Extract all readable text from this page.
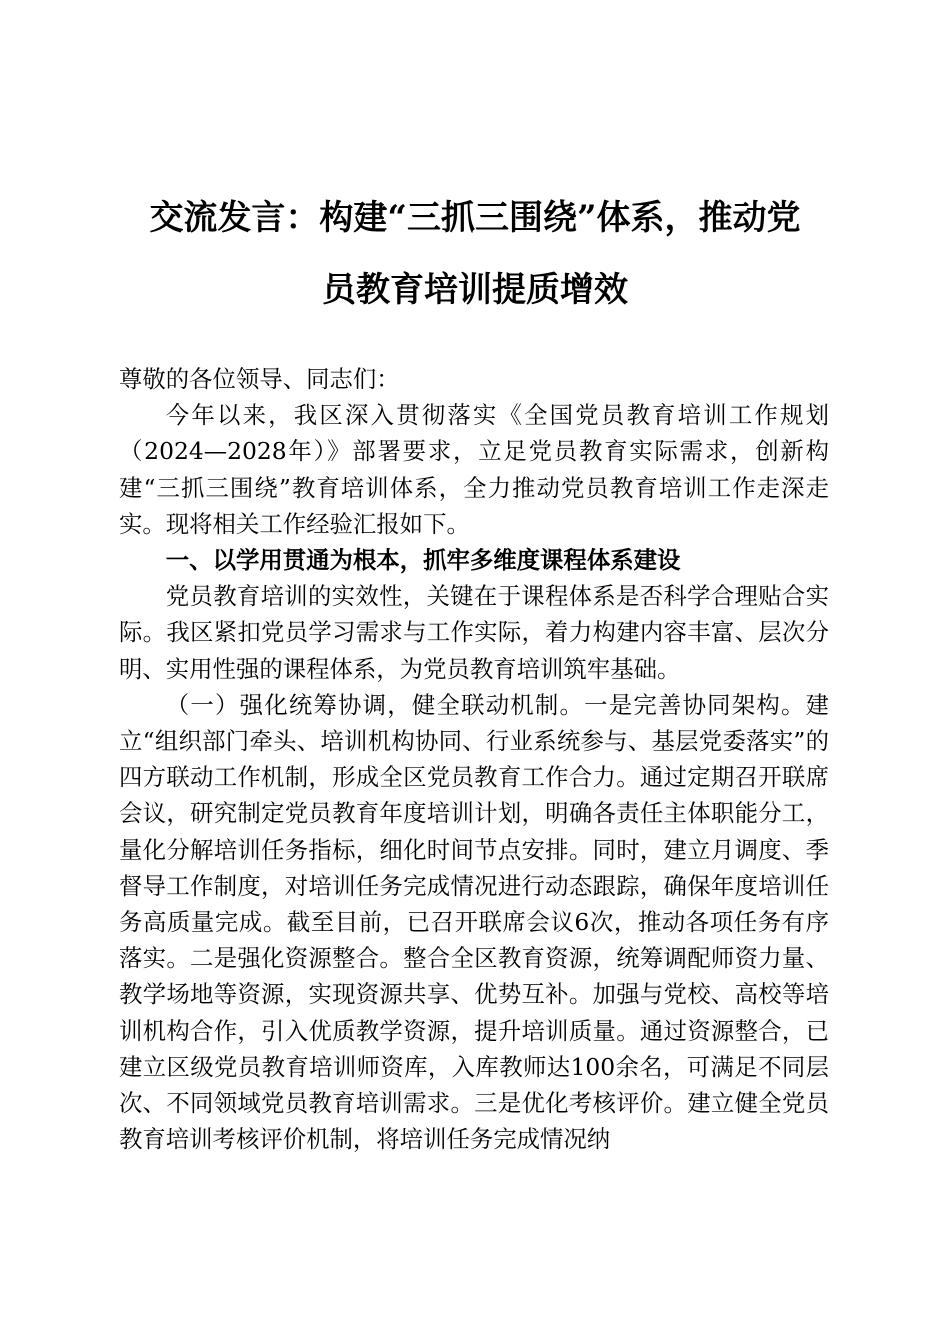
交流发言：构建“三抓三围绕”体系，推动党
员教育培训提质增效

尊敬的各位领导、同志们：

今年以来，我区深入贯彻落实《全国党员教育培训工作规划（2024—2028年）》部署要求，立足党员教育实际需求，创新构建“三抓三围绕”教育培训体系，全力推动党员教育培训工作走深走实。现将相关工作经验汇报如下。

一、以学用贯通为根本，抓牢多维度课程体系建设

党员教育培训的实效性，关键在于课程体系是否科学合理贴合实际。我区紧扣党员学习需求与工作实际，着力构建内容丰富、层次分明、实用性强的课程体系，为党员教育培训筑牢基础。

（一）强化统筹协调，健全联动机制。一是完善协同架构。建立“组织部门牵头、培训机构协同、行业系统参与、基层党委落实”的四方联动工作机制，形成全区党员教育工作合力。通过定期召开联席会议，研究制定党员教育年度培训计划，明确各责任主体职能分工，量化分解培训任务指标，细化时间节点安排。同时，建立月调度、季督导工作制度，对培训任务完成情况进行动态跟踪，确保年度培训任务高质量完成。截至目前，已召开联席会议6次，推动各项任务有序落实。二是强化资源整合。整合全区教育资源，统筹调配师资力量、教学场地等资源，实现资源共享、优势互补。加强与党校、高校等培训机构合作，引入优质教学资源，提升培训质量。通过资源整合，已建立区级党员教育培训师资库，入库教师达100余名，可满足不同层次、不同领域党员教育培训需求。三是优化考核评价。建立健全党员教育培训考核评价机制，将培训任务完成情况纳
